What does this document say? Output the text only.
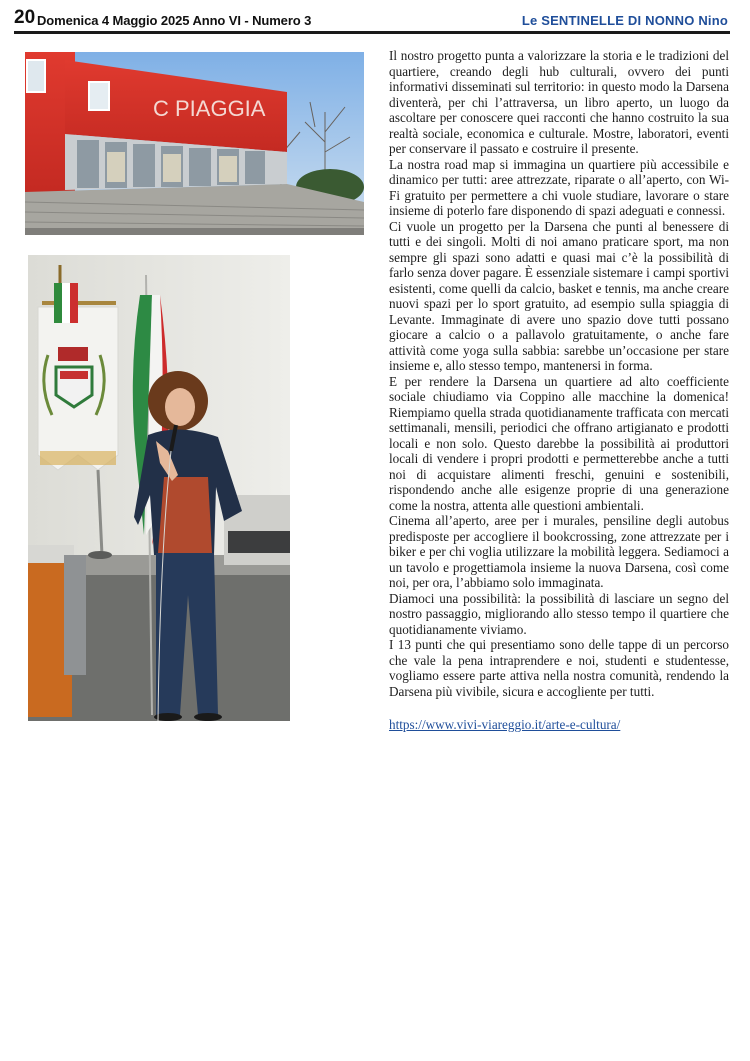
20 Domenica 4 Maggio 2025 Anno VI - Numero 3	Le SENTINELLE DI NONNO Nino
C PIAGGIA

Il nostro progetto punta a valorizzare la storia e le tradizioni del quartiere, creando degli hub culturali, ovvero dei punti informativi disseminati sul territorio: in questo modo la Darsena diventerà, per chi l’attraversa, un libro aperto, un luogo da ascoltare per conoscere quei racconti che hanno costruito la sua realtà sociale, economica e culturale. Mostre, laboratori, eventi per conservare il passato e costruire il presente.

La nostra road map si immagina un quartiere più accessibile e dinamico per tutti: aree attrezzate, riparate o all’aperto, con Wi-Fi gratuito per permettere a chi vuole studiare, lavorare o stare insieme di poterlo fare disponendo di spazi adeguati e connessi.

Ci vuole un progetto per la Darsena che punti al benessere di tutti e dei singoli. Molti di noi amano praticare sport, ma non sempre gli spazi sono adatti e quasi mai c’è la possibilità di farlo senza dover pagare. È essenziale sistemare i campi sportivi esistenti, come quelli da calcio, basket e tennis, ma anche creare nuovi spazi per lo sport gratuito, ad esempio sulla spiaggia di Levante. Immaginate di avere uno spazio dove tutti possano giocare a calcio o a pallavolo gratuitamente, o anche fare attività come yoga sulla sabbia: sarebbe un’occasione per stare insieme e, allo stesso tempo, mantenersi in forma.

E per rendere la Darsena un quartiere ad alto coefficiente sociale chiudiamo via Coppino alle macchine la domenica! Riempiamo quella strada quotidianamente trafficata con mercati settimanali, mensili, periodici che offrano artigianato e prodotti locali e non solo. Questo darebbe la possibilità ai produttori locali di vendere i propri prodotti e permetterebbe anche a tutti noi di acquistare alimenti freschi, genuini e sostenibili, rispondendo anche alle esigenze proprie di una generazione come la nostra, attenta alle questioni ambientali.

Cinema all’aperto, aree per i murales, pensiline degli autobus predisposte per accogliere il bookcrossing, zone attrezzate per i biker e per chi voglia utilizzare la mobilità leggera. Sediamoci a un tavolo e progettiamola insieme la nuova Darsena, così come noi, per ora, l’abbiamo solo immaginata.

Diamoci una possibilità: la possibilità di lasciare un segno del nostro passaggio, migliorando allo stesso tempo il quartiere che quotidianamente viviamo.

I 13 punti che qui presentiamo sono delle tappe di un percorso che vale la pena intraprendere e noi, studenti e studentesse, vogliamo essere parte attiva nella nostra comunità, rendendo la Darsena più vivibile, sicura e accogliente per tutti.

https://www.vivi-viareggio.it/arte-e-cultura/
